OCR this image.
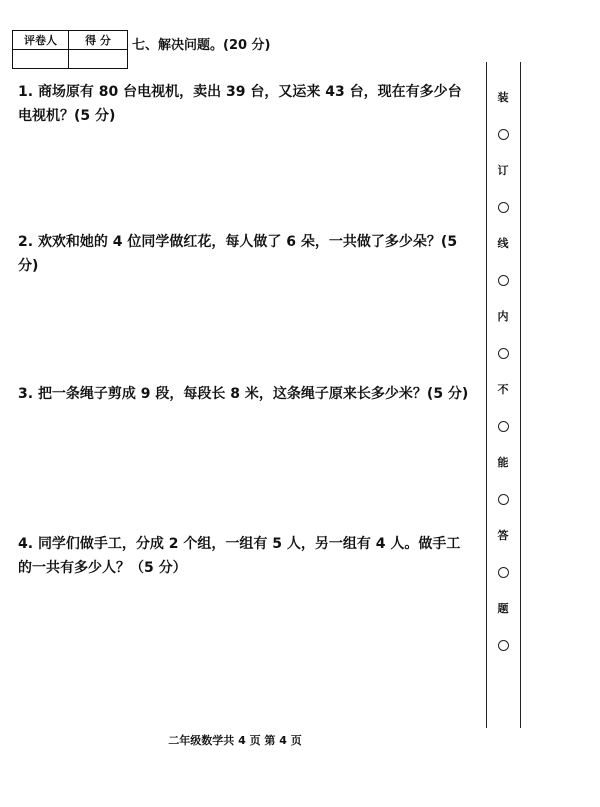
评卷人	得 分
	七、解决问题。(20 分)
1. 商场原有 80 台电视机，卖出 39 台，又运来 43 台，现在有多少台电视机？(5 分)
2. 欢欢和她的 4 位同学做红花，每人做了 6 朵，一共做了多少朵？(5 分)
3. 把一条绳子剪成 9 段，每段长 8 米，这条绳子原来长多少米？(5 分)
4. 同学们做手工，分成 2 个组，一组有 5 人，另一组有 4 人。做手工的一共有多少人？（5 分）
装
订
线
内
不
能
答
题
二年级数学共 4 页 第 4 页
